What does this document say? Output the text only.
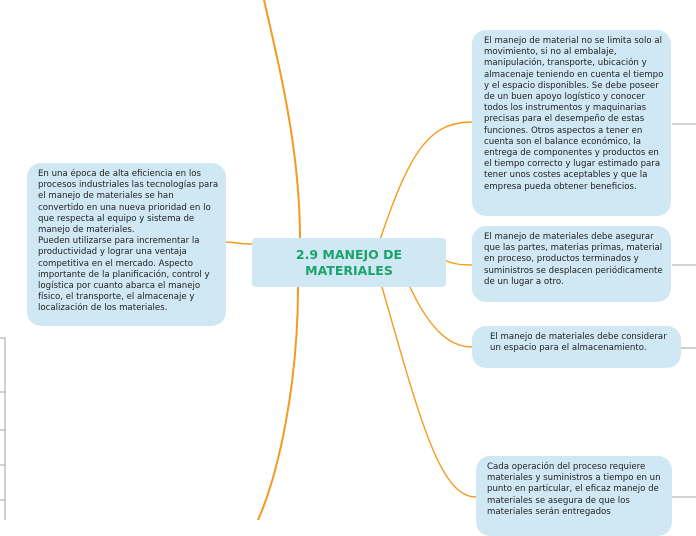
2.9 MANEJO DE MATERIALES

En una época de alta eficiencia en los procesos industriales las tecnologías para el manejo de materiales se han convertido en una nueva prioridad en lo que respecta al equipo y sistema de manejo de materiales.

Pueden utilizarse para incrementar la productividad y lograr una ventaja competitiva en el mercado. Aspecto importante de la planificación, control y logística por cuanto abarca el manejo físico, el transporte, el almacenaje y localización de los materiales.

El manejo de material no se limita solo al movimiento, si no al embalaje, manipulación, transporte, ubicación y almacenaje teniendo en cuenta el tiempo y el espacio disponibles. Se debe poseer de un buen apoyo logístico y conocer todos los instrumentos y maquinarias precisas para el desempeño de estas funciones. Otros aspectos a tener en cuenta son el balance económico, la entrega de componentes y productos en el tiempo correcto y lugar estimado para tener unos costes aceptables y que la empresa pueda obtener beneficios.

El manejo de materiales debe asegurar que las partes, materias primas, material en proceso, productos terminados y suministros se desplacen periódicamente de un lugar a otro.

El manejo de materiales debe considerar un espacio para el almacenamiento.

Cada operación del proceso requiere materiales y suministros a tiempo en un punto en particular, el eficaz manejo de materiales se asegura de que los materiales serán entregados
